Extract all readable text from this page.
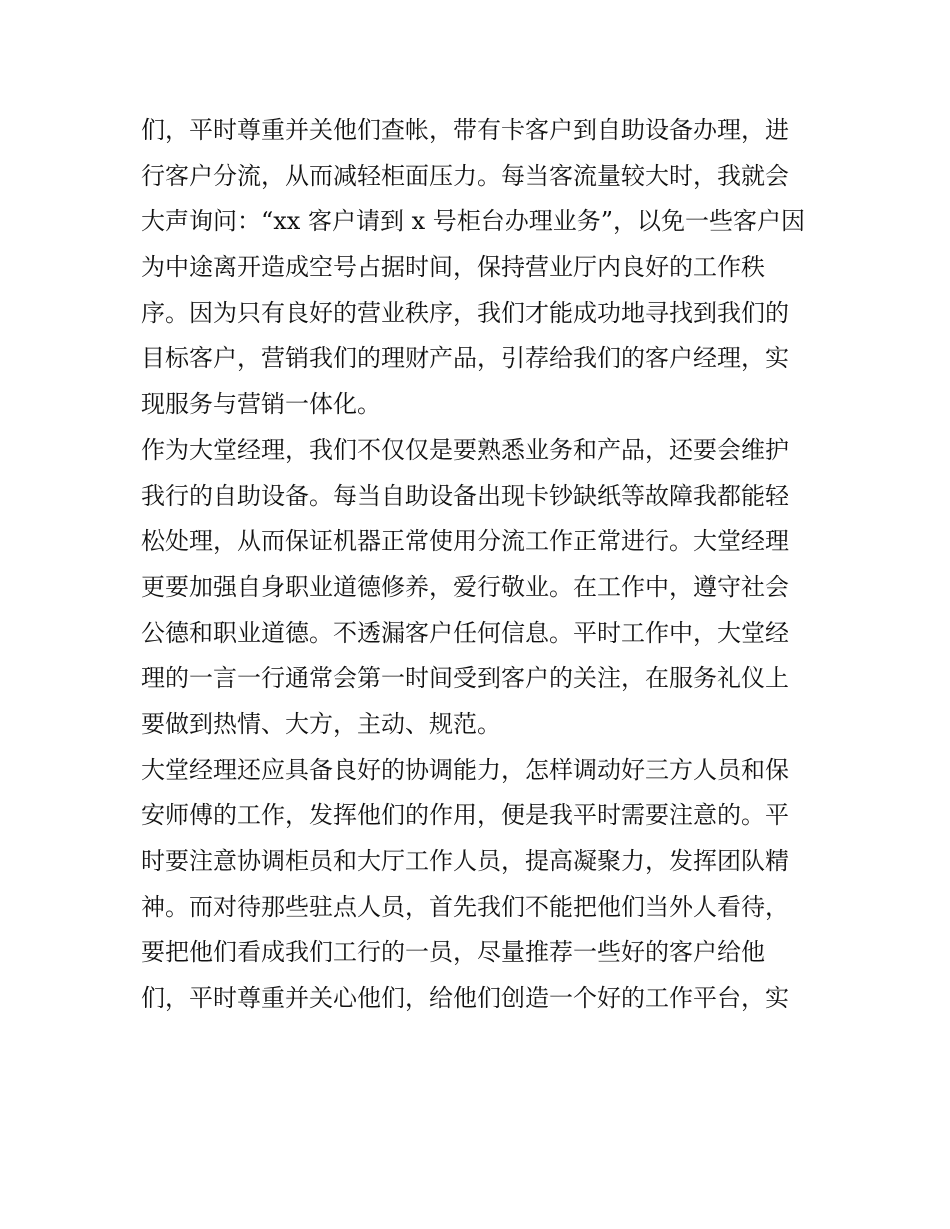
们，平时尊重并关他们查帐，带有卡客户到自助设备办理，进
行客户分流，从而减轻柜面压力。每当客流量较大时，我就会
大声询问：“xx 客户请到 x 号柜台办理业务”，以免一些客户因
为中途离开造成空号占据时间，保持营业厅内良好的工作秩
序。因为只有良好的营业秩序，我们才能成功地寻找到我们的
目标客户，营销我们的理财产品，引荐给我们的客户经理，实
现服务与营销一体化。
作为大堂经理，我们不仅仅是要熟悉业务和产品，还要会维护
我行的自助设备。每当自助设备出现卡钞缺纸等故障我都能轻
松处理，从而保证机器正常使用分流工作正常进行。大堂经理
更要加强自身职业道德修养，爱行敬业。在工作中，遵守社会
公德和职业道德。不透漏客户任何信息。平时工作中，大堂经
理的一言一行通常会第一时间受到客户的关注，在服务礼仪上
要做到热情、大方，主动、规范。
大堂经理还应具备良好的协调能力，怎样调动好三方人员和保
安师傅的工作，发挥他们的作用，便是我平时需要注意的。平
时要注意协调柜员和大厅工作人员，提高凝聚力，发挥团队精
神。而对待那些驻点人员，首先我们不能把他们当外人看待，
要把他们看成我们工行的一员，尽量推荐一些好的客户给他
们，平时尊重并关心他们，给他们创造一个好的工作平台，实
